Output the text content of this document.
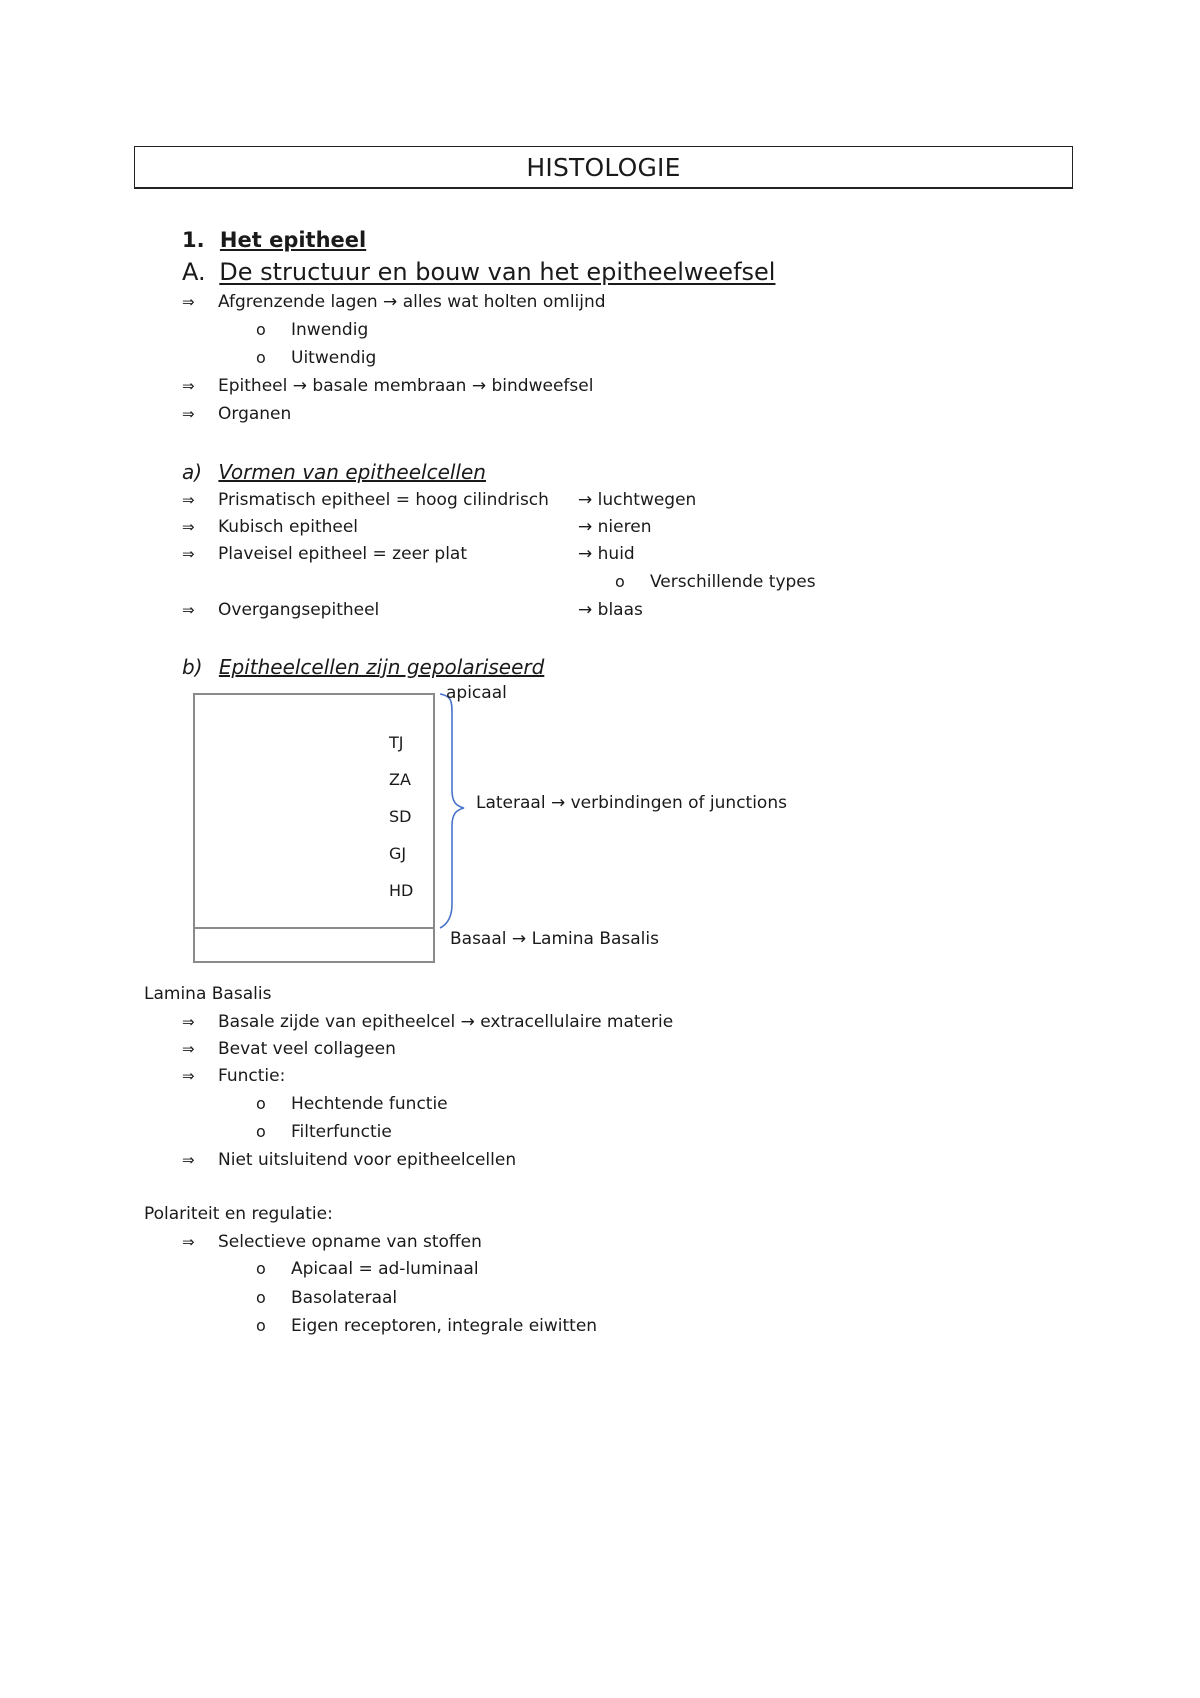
HISTOLOGIE
1. Het epitheel
A. De structuur en bouw van het epitheelweefsel
⇒ Afgrenzende lagen → alles wat holten omlijnd
o Inwendig
o Uitwendig
⇒ Epitheel → basale membraan → bindweefsel
⇒ Organen
a) Vormen van epitheelcellen
⇒ Prismatisch epitheel = hoog cilindrisch → luchtwegen
⇒ Kubisch epitheel	→ nieren
⇒ Plaveisel epitheel = zeer plat	→ huid
o Verschillende types
⇒ Overgangsepitheel	→ blaas
b) Epitheelcellen zijn gepolariseerd
TJ
ZA
SD
GJ
HD
apicaal
Lateraal → verbindingen of junctions
Basaal → Lamina Basalis
Lamina Basalis
⇒ Basale zijde van epitheelcel → extracellulaire materie
⇒ Bevat veel collageen
⇒ Functie:
o Hechtende functie
o Filterfunctie
⇒ Niet uitsluitend voor epitheelcellen
Polariteit en regulatie:
⇒ Selectieve opname van stoffen
o Apicaal = ad-luminaal
o Basolateraal
o Eigen receptoren, integrale eiwitten
